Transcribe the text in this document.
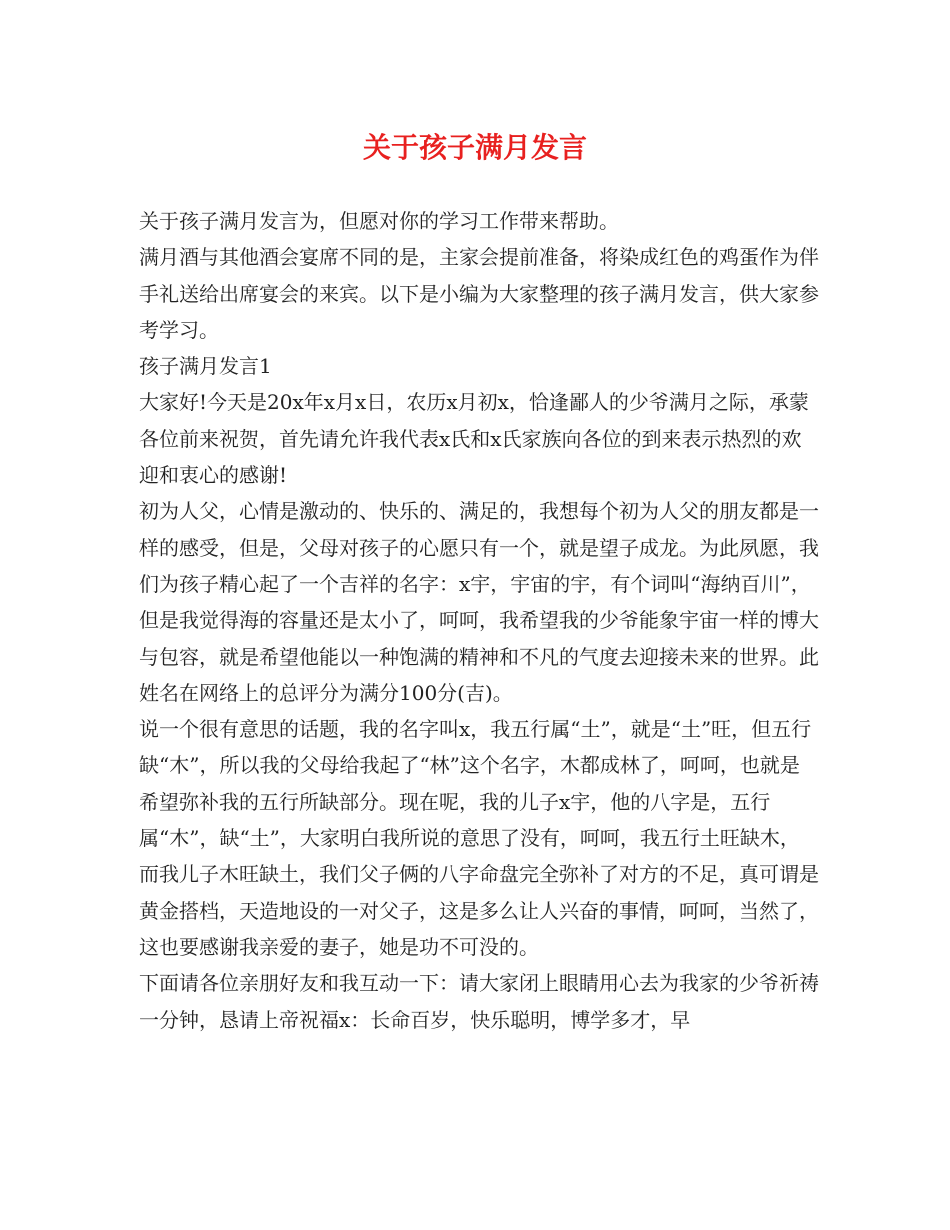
关于孩子满月发言

关于孩子满月发言为，但愿对你的学习工作带来帮助。

满月酒与其他酒会宴席不同的是，主家会提前准备，将染成红色的鸡蛋作为伴手礼送给出席宴会的来宾。以下是小编为大家整理的孩子满月发言，供大家参考学习。

孩子满月发言1

大家好!今天是20x年x月x日，农历x月初x，恰逢鄙人的少爷满月之际，承蒙各位前来祝贺，首先请允许我代表x氏和x氏家族向各位的到来表示热烈的欢迎和衷心的感谢!

初为人父，心情是激动的、快乐的、满足的，我想每个初为人父的朋友都是一样的感受，但是，父母对孩子的心愿只有一个，就是望子成龙。为此夙愿，我们为孩子精心起了一个吉祥的名字：x宇，宇宙的宇，有个词叫“海纳百川”，但是我觉得海的容量还是太小了，呵呵，我希望我的少爷能象宇宙一样的博大与包容，就是希望他能以一种饱满的精神和不凡的气度去迎接未来的世界。此姓名在网络上的总评分为满分100分(吉)。

说一个很有意思的话题，我的名字叫x，我五行属“土”，就是“土”旺，但五行缺“木”，所以我的父母给我起了“林”这个名字，木都成林了，呵呵，也就是希望弥补我的五行所缺部分。现在呢，我的儿子x宇，他的八字是，五行属“木”，缺“土”，大家明白我所说的意思了没有，呵呵，我五行土旺缺木，而我儿子木旺缺土，我们父子俩的八字命盘完全弥补了对方的不足，真可谓是黄金搭档，天造地设的一对父子，这是多么让人兴奋的事情，呵呵，当然了，这也要感谢我亲爱的妻子，她是功不可没的。

下面请各位亲朋好友和我互动一下：请大家闭上眼睛用心去为我家的少爷祈祷一分钟，恳请上帝祝福x：长命百岁，快乐聪明，博学多才，早
